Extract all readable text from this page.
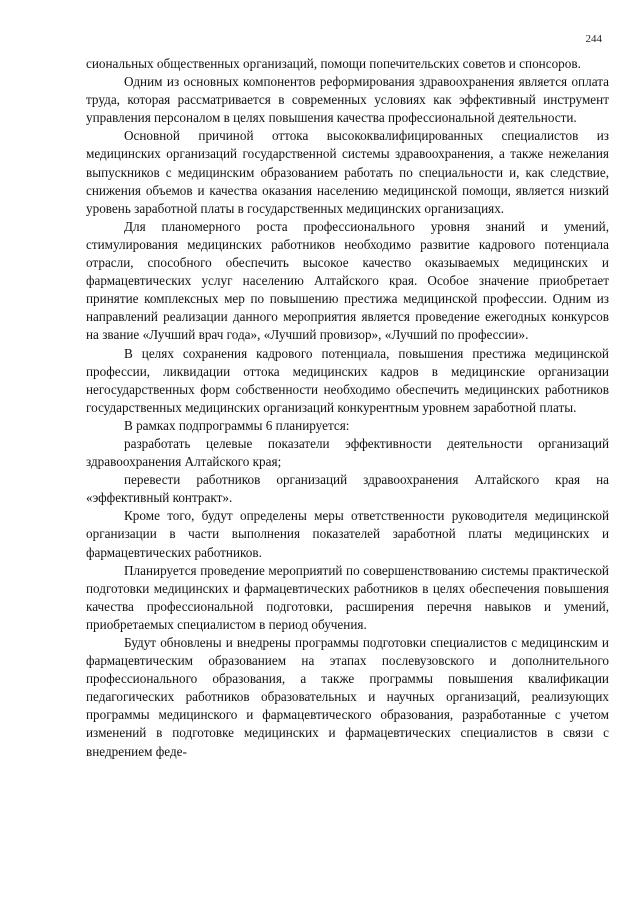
244

сиональных общественных организаций, помощи попечительских советов и спонсоров.

Одним из основных компонентов реформирования здравоохранения является оплата труда, которая рассматривается в современных условиях как эффективный инструмент управления персоналом в целях повышения качества профессиональной деятельности.

Основной причиной оттока высококвалифицированных специалистов из медицинских организаций государственной системы здравоохранения, а также нежелания выпускников с медицинским образованием работать по специальности и, как следствие, снижения объемов и качества оказания населению медицинской помощи, является низкий уровень заработной платы в государственных медицинских организациях.

Для планомерного роста профессионального уровня знаний и умений, стимулирования медицинских работников необходимо развитие кадрового потенциала отрасли, способного обеспечить высокое качество оказываемых медицинских и фармацевтических услуг населению Алтайского края. Особое значение приобретает принятие комплексных мер по повышению престижа медицинской профессии. Одним из направлений реализации данного мероприятия является проведение ежегодных конкурсов на звание «Лучший врач года», «Лучший провизор», «Лучший по профессии».

В целях сохранения кадрового потенциала, повышения престижа медицинской профессии, ликвидации оттока медицинских кадров в медицинские организации негосударственных форм собственности необходимо обеспечить медицинских работников государственных медицинских организаций конкурентным уровнем заработной платы.

В рамках подпрограммы 6 планируется:

разработать целевые показатели эффективности деятельности организаций здравоохранения Алтайского края;

перевести работников организаций здравоохранения Алтайского края на «эффективный контракт».

Кроме того, будут определены меры ответственности руководителя медицинской организации в части выполнения показателей заработной платы медицинских и фармацевтических работников.

Планируется проведение мероприятий по совершенствованию системы практической подготовки медицинских и фармацевтических работников в целях обеспечения повышения качества профессиональной подготовки, расширения перечня навыков и умений, приобретаемых специалистом в период обучения.

Будут обновлены и внедрены программы подготовки специалистов с медицинским и фармацевтическим образованием на этапах послевузовского и дополнительного профессионального образования, а также программы повышения квалификации педагогических работников образовательных и научных организаций, реализующих программы медицинского и фармацевтического образования, разработанные с учетом изменений в подготовке медицинских и фармацевтических специалистов в связи с внедрением феде-
